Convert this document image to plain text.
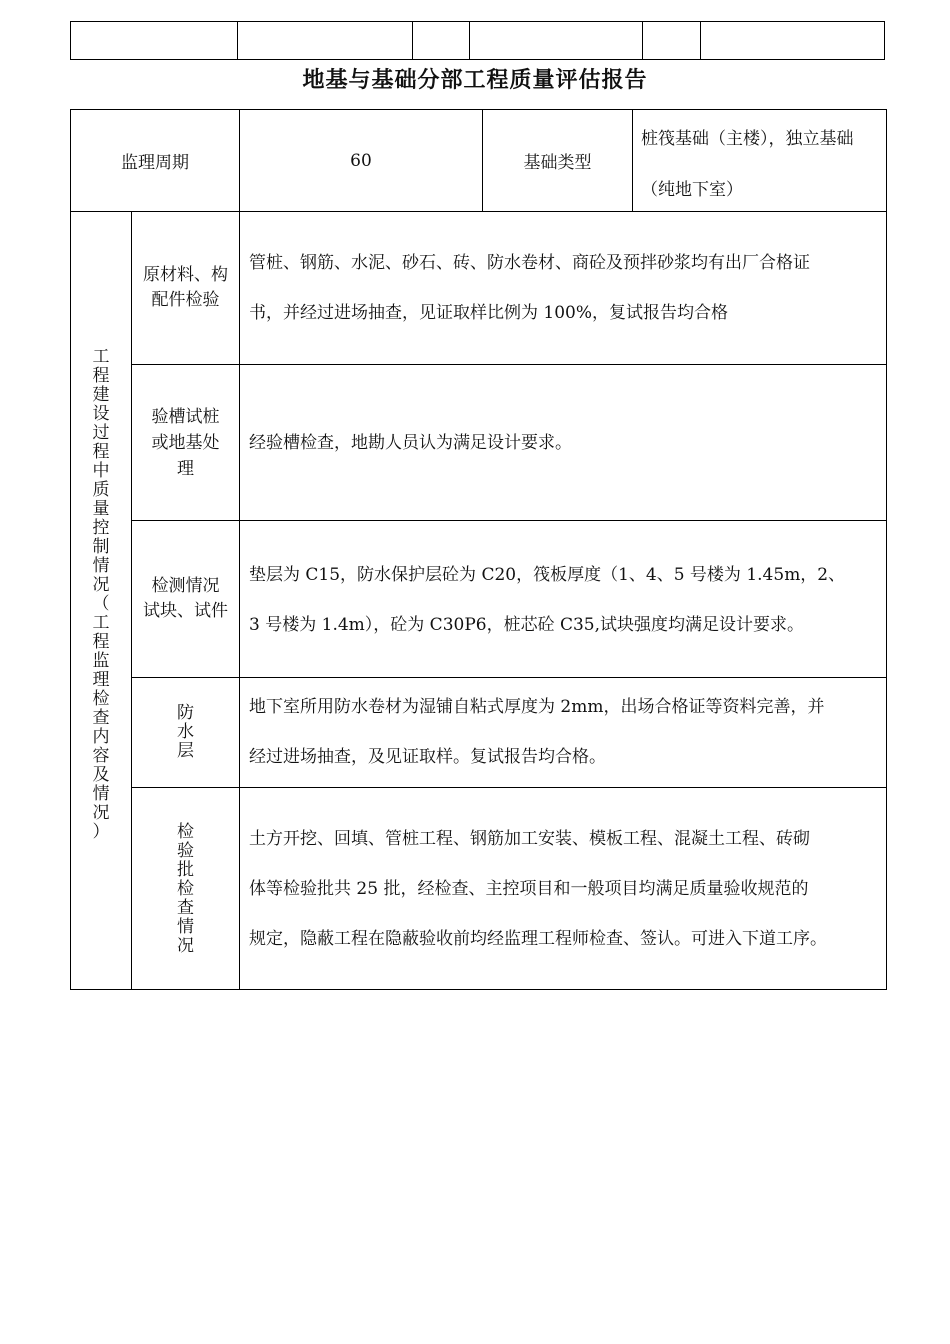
地基与基础分部工程质量评估报告
监理周期	60	基础类型
桩筏基础（主楼），独立基础
（纯地下室）
工
程
建
设
过
程
中
质
量
控
制
情
况
（
工
程
监
理
检
查
内
容
及
情
况
）
原材料、构
配件检验
管桩、钢筋、水泥、砂石、砖、防水卷材、商砼及预拌砂浆均有出厂合格证
书，并经过进场抽查，见证取样比例为 100%，复试报告均合格
验槽试桩
或地基处
理
经验槽检查，地勘人员认为满足设计要求。
检测情况
试块、试件
垫层为 C15，防水保护层砼为 C20，筏板厚度（1、4、5 号楼为 1.45m，2、
3 号楼为 1.4m），砼为 C30P6，桩芯砼 C35,试块强度均满足设计要求。
防
水
层
地下室所用防水卷材为湿铺自粘式厚度为 2mm，出场合格证等资料完善，并
经过进场抽查，及见证取样。复试报告均合格。
检
验
批
检
查
情
况
土方开挖、回填、管桩工程、钢筋加工安装、模板工程、混凝土工程、砖砌
体等检验批共 25 批，经检查、主控项目和一般项目均满足质量验收规范的
规定，隐蔽工程在隐蔽验收前均经监理工程师检查、签认。可进入下道工序。
